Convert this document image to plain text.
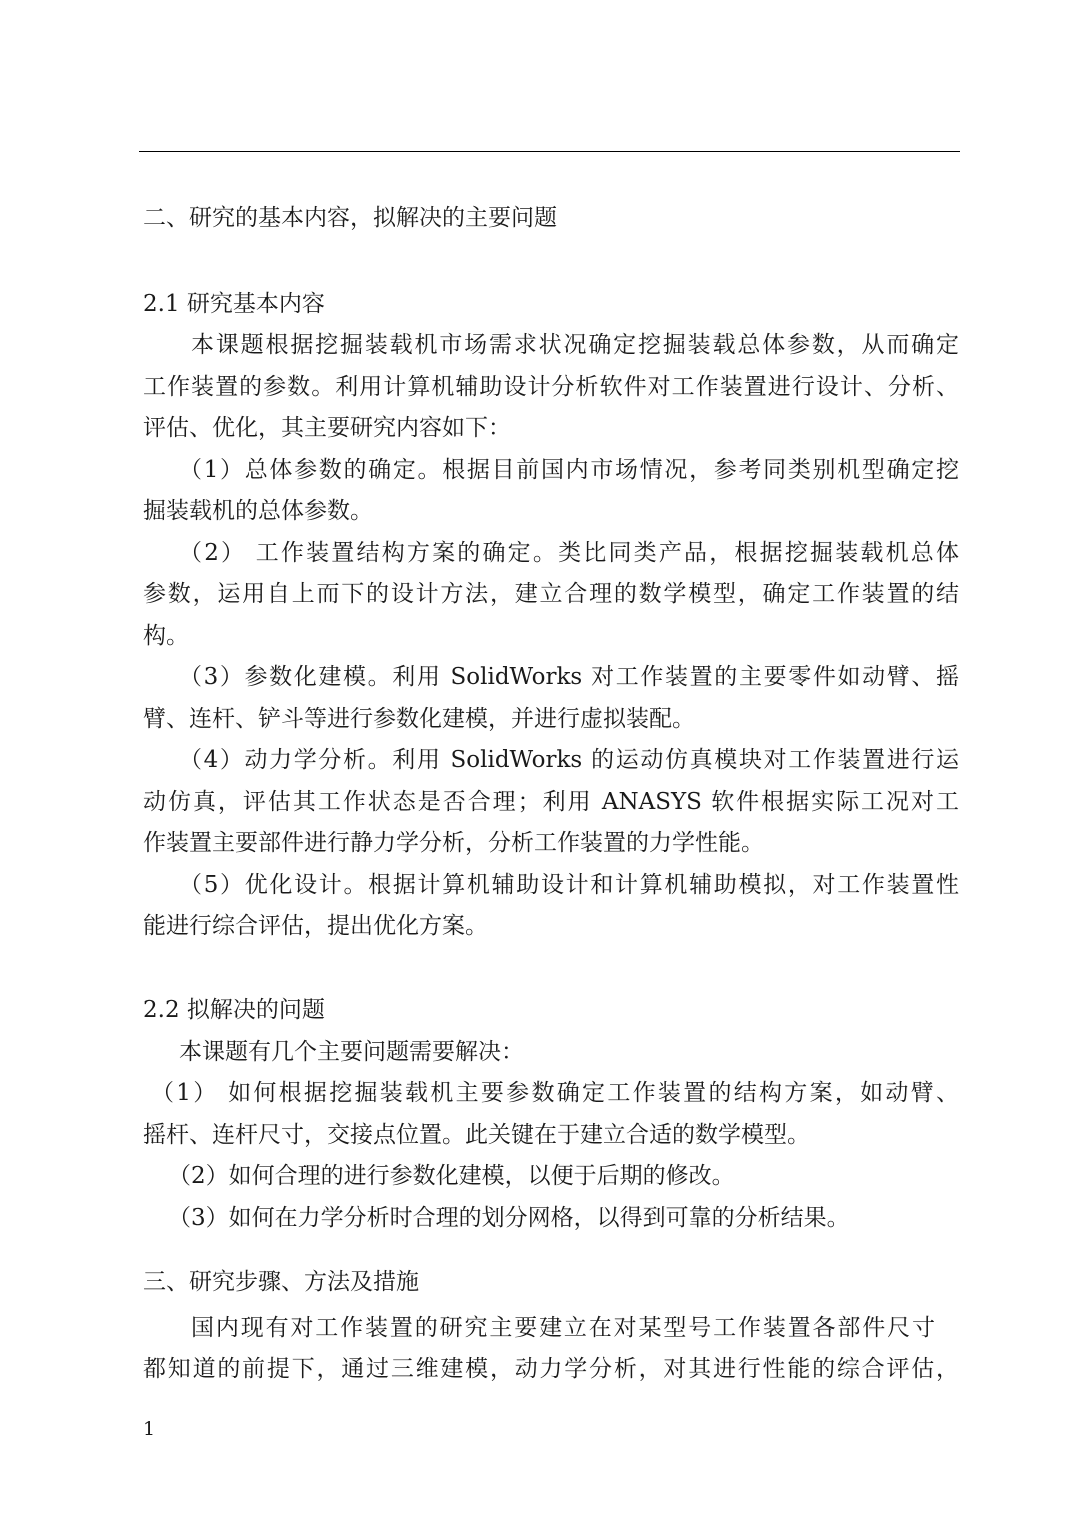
二、研究的基本内容，拟解决的主要问题
2.1 研究基本内容
本课题根据挖掘装载机市场需求状况确定挖掘装载总体参数，从而确定
工作装置的参数。利用计算机辅助设计分析软件对工作装置进行设计、分析、
评估、优化，其主要研究内容如下：
（1）总体参数的确定。根据目前国内市场情况，参考同类别机型确定挖
掘装载机的总体参数。
（2） 工作装置结构方案的确定。类比同类产品，根据挖掘装载机总体
参数，运用自上而下的设计方法，建立合理的数学模型，确定工作装置的结
构。
（3）参数化建模。利用 SolidWorks 对工作装置的主要零件如动臂、摇
臂、连杆、铲斗等进行参数化建模，并进行虚拟装配。
（4）动力学分析。利用 SolidWorks 的运动仿真模块对工作装置进行运
动仿真，评估其工作状态是否合理；利用 ANASYS 软件根据实际工况对工
作装置主要部件进行静力学分析，分析工作装置的力学性能。
（5）优化设计。根据计算机辅助设计和计算机辅助模拟，对工作装置性
能进行综合评估，提出优化方案。
2.2 拟解决的问题
本课题有几个主要问题需要解决：
（1） 如何根据挖掘装载机主要参数确定工作装置的结构方案，如动臂、
摇杆、连杆尺寸，交接点位置。此关键在于建立合适的数学模型。
（2）如何合理的进行参数化建模，以便于后期的修改。
（3）如何在力学分析时合理的划分网格，以得到可靠的分析结果。
三、研究步骤、方法及措施
国内现有对工作装置的研究主要建立在对某型号工作装置各部件尺寸
都知道的前提下，通过三维建模，动力学分析，对其进行性能的综合评估，
1
